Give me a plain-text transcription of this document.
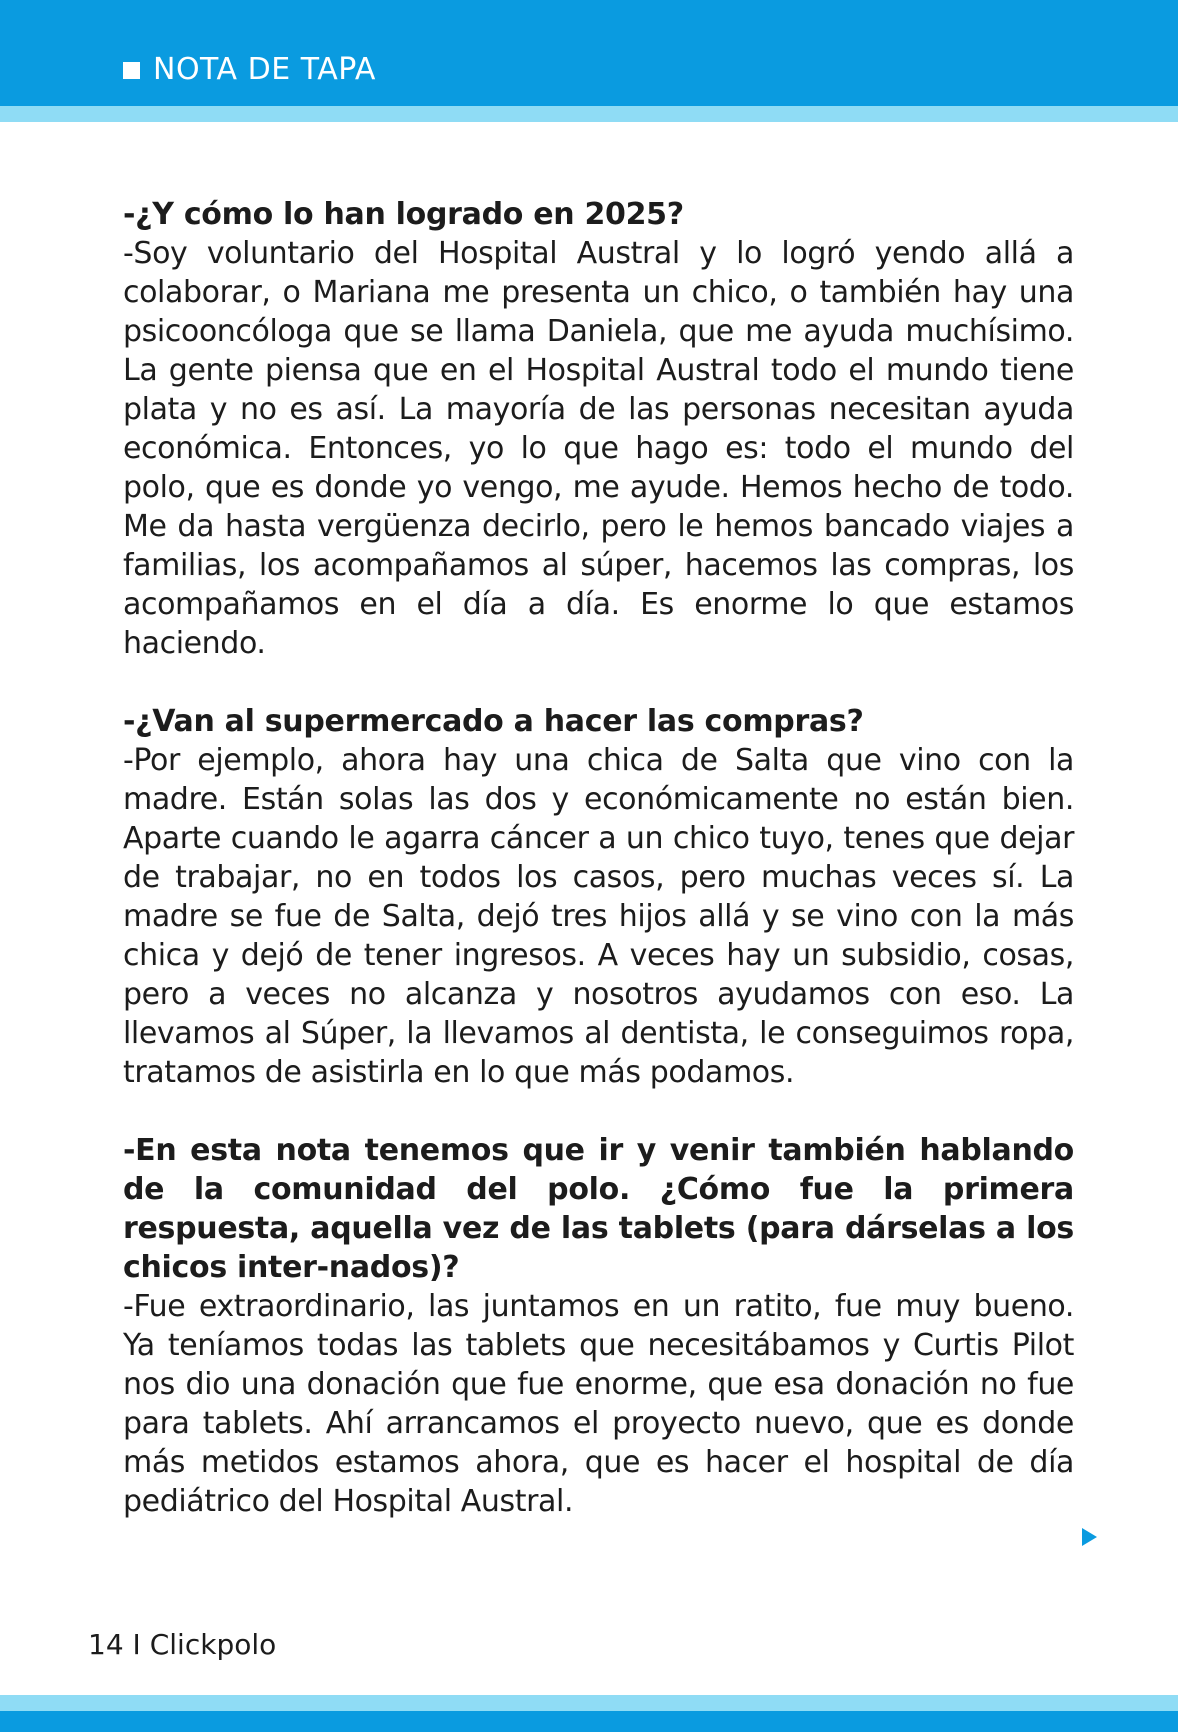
NOTA DE TAPA

-¿Y cómo lo han logrado en 2025?

-Soy voluntario del Hospital Austral y lo logró yendo allá a colaborar, o Mariana me presenta un chico, o también hay una psicooncóloga que se llama Daniela, que me ayuda muchísimo. La gente piensa que en el Hospital Austral todo el mundo tiene plata y no es así. La mayoría de las personas necesitan ayuda económica. Entonces, yo lo que hago es: todo el mundo del polo, que es donde yo vengo, me ayude. Hemos hecho de todo. Me da hasta vergüenza decirlo, pero le hemos bancado viajes a familias, los acompañamos al súper, hacemos las compras, los acompañamos en el día a día. Es enorme lo que estamos haciendo.

-¿Van al supermercado a hacer las compras?

-Por ejemplo, ahora hay una chica de Salta que vino con la madre. Están solas las dos y económicamente no están bien. Aparte cuando le agarra cáncer a un chico tuyo, tenes que dejar de trabajar, no en todos los casos, pero muchas veces sí. La madre se fue de Salta, dejó tres hijos allá y se vino con la más chica y dejó de tener ingresos. A veces hay un subsidio, cosas, pero a veces no alcanza y nosotros ayudamos con eso. La llevamos al Súper, la llevamos al dentista, le conseguimos ropa, tratamos de asistirla en lo que más podamos.

-En esta nota tenemos que ir y venir también hablando de la comunidad del polo. ¿Cómo fue la primera respuesta, aquella vez de las tablets (para dárselas a los chicos inter-nados)?

-Fue extraordinario, las juntamos en un ratito, fue muy bueno. Ya teníamos todas las tablets que necesitábamos y Curtis Pilot nos dio una donación que fue enorme, que esa donación no fue para tablets. Ahí arrancamos el proyecto nuevo, que es donde más metidos estamos ahora, que es hacer el hospital de día pediátrico del Hospital Austral.

14 I Clickpolo
